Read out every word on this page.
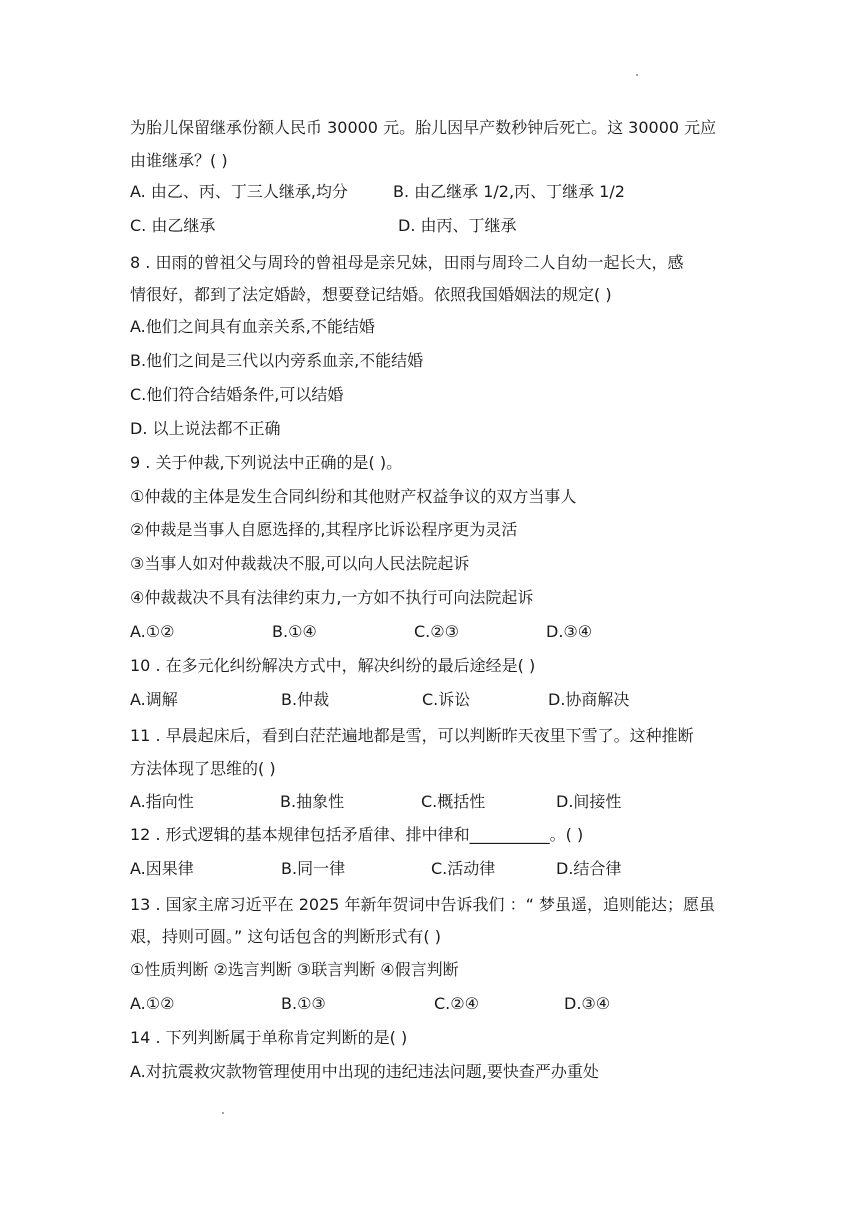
为胎儿保留继承份额人民币 30000 元。胎儿因早产数秒钟后死亡。这 30000 元应
由谁继承？( )
A. 由乙、丙、丁三人继承,均分	B. 由乙继承 1/2,丙、丁继承 1/2
C. 由乙继承	D. 由丙、丁继承
8 . 田雨的曾祖父与周玲的曾祖母是亲兄妹，田雨与周玲二人自幼一起长大，感
情很好，都到了法定婚龄，想要登记结婚。依照我国婚姻法的规定( )
A.他们之间具有血亲关系,不能结婚
B.他们之间是三代以内旁系血亲,不能结婚
C.他们符合结婚条件,可以结婚
D. 以上说法都不正确
9 . 关于仲裁,下列说法中正确的是( )。
①仲裁的主体是发生合同纠纷和其他财产权益争议的双方当事人
②仲裁是当事人自愿选择的,其程序比诉讼程序更为灵活
③当事人如对仲裁裁决不服,可以向人民法院起诉
④仲裁裁决不具有法律约束力,一方如不执行可向法院起诉
A.①②	B.①④	C.②③	D.③④
10 . 在多元化纠纷解决方式中，解决纠纷的最后途经是( )
A.调解	B.仲裁	C.诉讼	D.协商解决
11 . 早晨起床后，看到白茫茫遍地都是雪，可以判断昨天夜里下雪了。这种推断
方法体现了思维的( )
A.指向性	B.抽象性	C.概括性	D.间接性
12 . 形式逻辑的基本规律包括矛盾律、排中律和__________。( )
A.因果律	B.同一律	C.活动律	D.结合律
13 . 国家主席习近平在 2025 年新年贺词中告诉我们 ：“ 梦虽遥，追则能达；愿虽
艰，持则可圆。” 这句话包含的判断形式有( )
①性质判断 ②选言判断 ③联言判断 ④假言判断
A.①②	B.①③	C.②④	D.③④
14 . 下列判断属于单称肯定判断的是( )
A.对抗震救灾款物管理使用中出现的违纪违法问题,要快查严办重处
